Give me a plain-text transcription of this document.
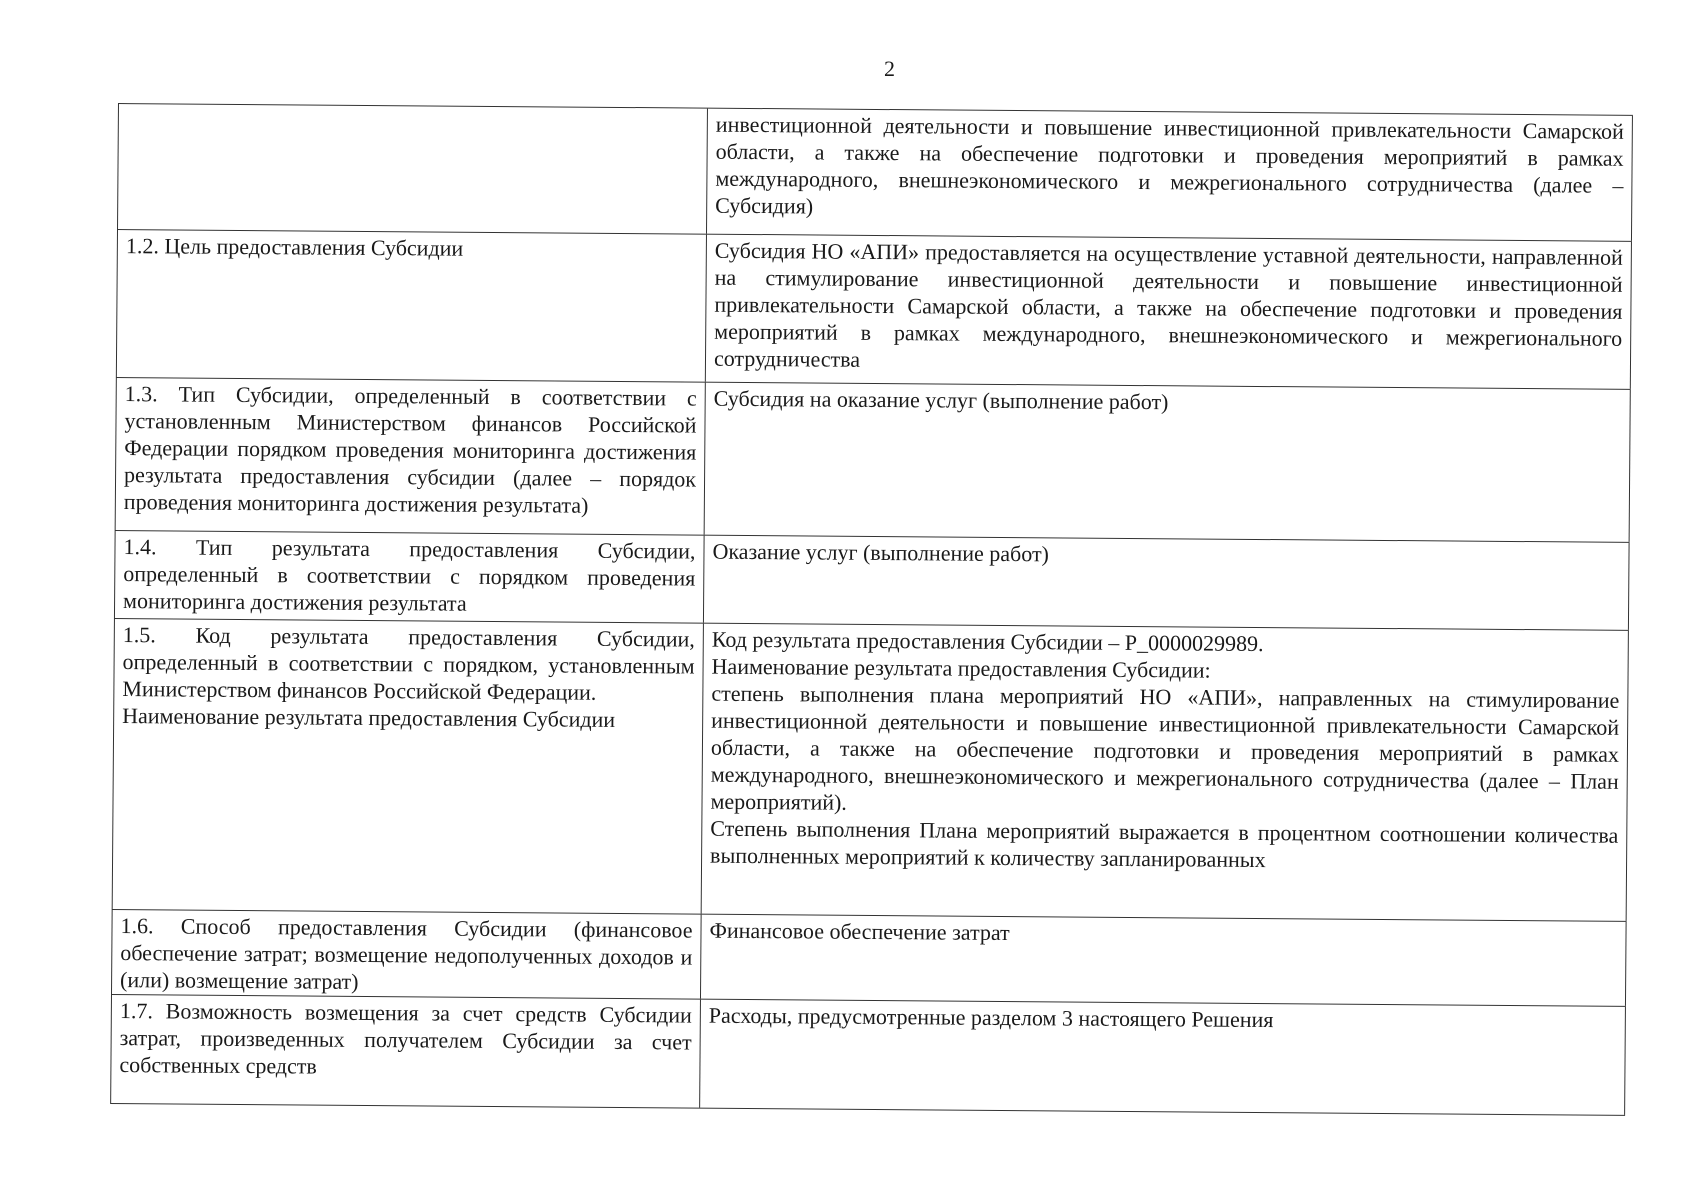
2

инвестиционной деятельности и повышение инвестиционной привлекательности Самарской области, а также на обеспечение подготовки и проведения мероприятий в рамках международного, внешнеэкономического и межрегионального сотрудничества (далее – Субсидия)

1.2. Цель предоставления Субсидии	Субсидия НО «АПИ» предоставляется на осуществление уставной деятельности, направленной на стимулирование инвестиционной деятельности и повышение инвестиционной привлекательности Самарской области, а также на обеспечение подготовки и проведения мероприятий в рамках международного, внешнеэкономического и межрегионального сотрудничества

1.3. Тип Субсидии, определенный в соответствии с установленным Министерством финансов Российской Федерации порядком проведения мониторинга достижения результата предоставления субсидии (далее – порядок проведения мониторинга достижения результата)

Субсидия на оказание услуг (выполнение работ)

1.4. Тип результата предоставления Субсидии, определенный в соответствии с порядком проведения мониторинга достижения результата

Оказание услуг (выполнение работ)

1.5. Код результата предоставления Субсидии, определенный в соответствии с порядком, установленным Министерством финансов Российской Федерации.

Наименование результата предоставления Субсидии

Код результата предоставления Субсидии – P_0000029989.

Наименование результата предоставления Субсидии:

степень выполнения плана мероприятий НО «АПИ», направленных на стимулирование инвестиционной деятельности и повышение инвестиционной привлекательности Самарской области, а также на обеспечение подготовки и проведения мероприятий в рамках международного, внешнеэкономического и межрегионального сотрудничества (далее – План мероприятий).

Степень выполнения Плана мероприятий выражается в процентном соотношении количества выполненных мероприятий к количеству запланированных

1.6. Способ предоставления Субсидии (финансовое обеспечение затрат; возмещение недополученных доходов и (или) возмещение затрат)

Финансовое обеспечение затрат

1.7. Возможность возмещения за счет средств Субсидии затрат, произведенных получателем Субсидии за счет собственных средств

Расходы, предусмотренные разделом 3 настоящего Решения
